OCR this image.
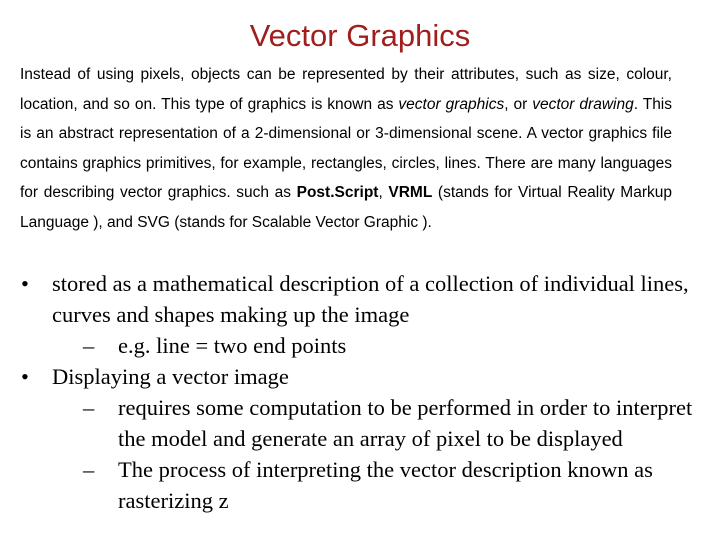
Vector Graphics

Instead of using pixels, objects can be represented by their attributes, such as size, colour, location, and so on. This type of graphics is known as vector graphics, or vector drawing. This is an abstract representation of a 2-dimensional or 3-dimensional scene. A vector graphics file contains graphics primitives, for example, rectangles, circles, lines. There are many languages for describing vector graphics. such as Post.Script, VRML (stands for Virtual Reality Markup Language ), and SVG (stands for Scalable Vector Graphic ).

• stored as a mathematical description of a collection of individual lines, curves and shapes making up the image
– e.g. line = two end points
• Displaying a vector image
– requires some computation to be performed in order to interpret the model and generate an array of pixel to be displayed
– The process of interpreting the vector description known as rasterizing z
